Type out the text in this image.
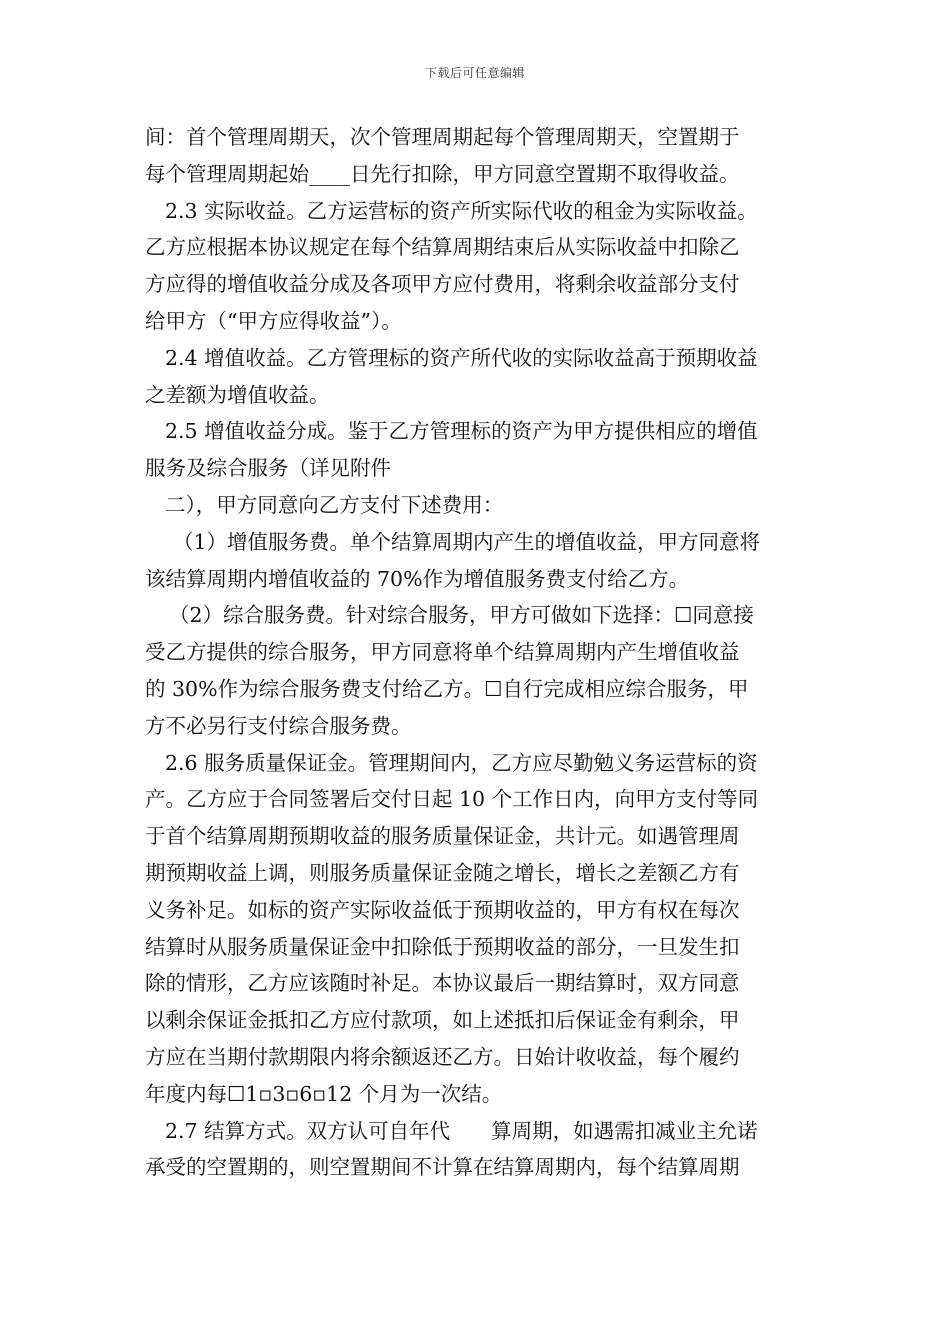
下载后可任意编辑
间：首个管理周期天，次个管理周期起每个管理周期天，空置期于
每个管理周期起始____日先行扣除，甲方同意空置期不取得收益。
2.3 实际收益。乙方运营标的资产所实际代收的租金为实际收益。
乙方应根据本协议规定在每个结算周期结束后从实际收益中扣除乙
方应得的增值收益分成及各项甲方应付费用，将剩余收益部分支付
给甲方（“甲方应得收益”）。
2.4 增值收益。乙方管理标的资产所代收的实际收益高于预期收益
之差额为增值收益。
2.5 增值收益分成。鉴于乙方管理标的资产为甲方提供相应的增值
服务及综合服务（详见附件
二），甲方同意向乙方支付下述费用：
（1）增值服务费。单个结算周期内产生的增值收益，甲方同意将
该结算周期内增值收益的 70%作为增值服务费支付给乙方。
（2）综合服务费。针对综合服务，甲方可做如下选择：☐同意接
受乙方提供的综合服务，甲方同意将单个结算周期内产生增值收益
的 30%作为综合服务费支付给乙方。☐自行完成相应综合服务，甲
方不必另行支付综合服务费。
2.6 服务质量保证金。管理期间内，乙方应尽勤勉义务运营标的资
产。乙方应于合同签署后交付日起 10 个工作日内，向甲方支付等同
于首个结算周期预期收益的服务质量保证金，共计元。如遇管理周
期预期收益上调，则服务质量保证金随之增长，增长之差额乙方有
义务补足。如标的资产实际收益低于预期收益的，甲方有权在每次
结算时从服务质量保证金中扣除低于预期收益的部分，一旦发生扣
除的情形，乙方应该随时补足。本协议最后一期结算时，双方同意
以剩余保证金抵扣乙方应付款项，如上述抵扣后保证金有剩余，甲
方应在当期付款期限内将余额返还乙方。日始计收收益，每个履约
年度内每☐1▫3▫6▫12 个月为一次结。
2.7 结算方式。双方认可自年代　　算周期，如遇需扣减业主允诺
承受的空置期的，则空置期间不计算在结算周期内，每个结算周期
